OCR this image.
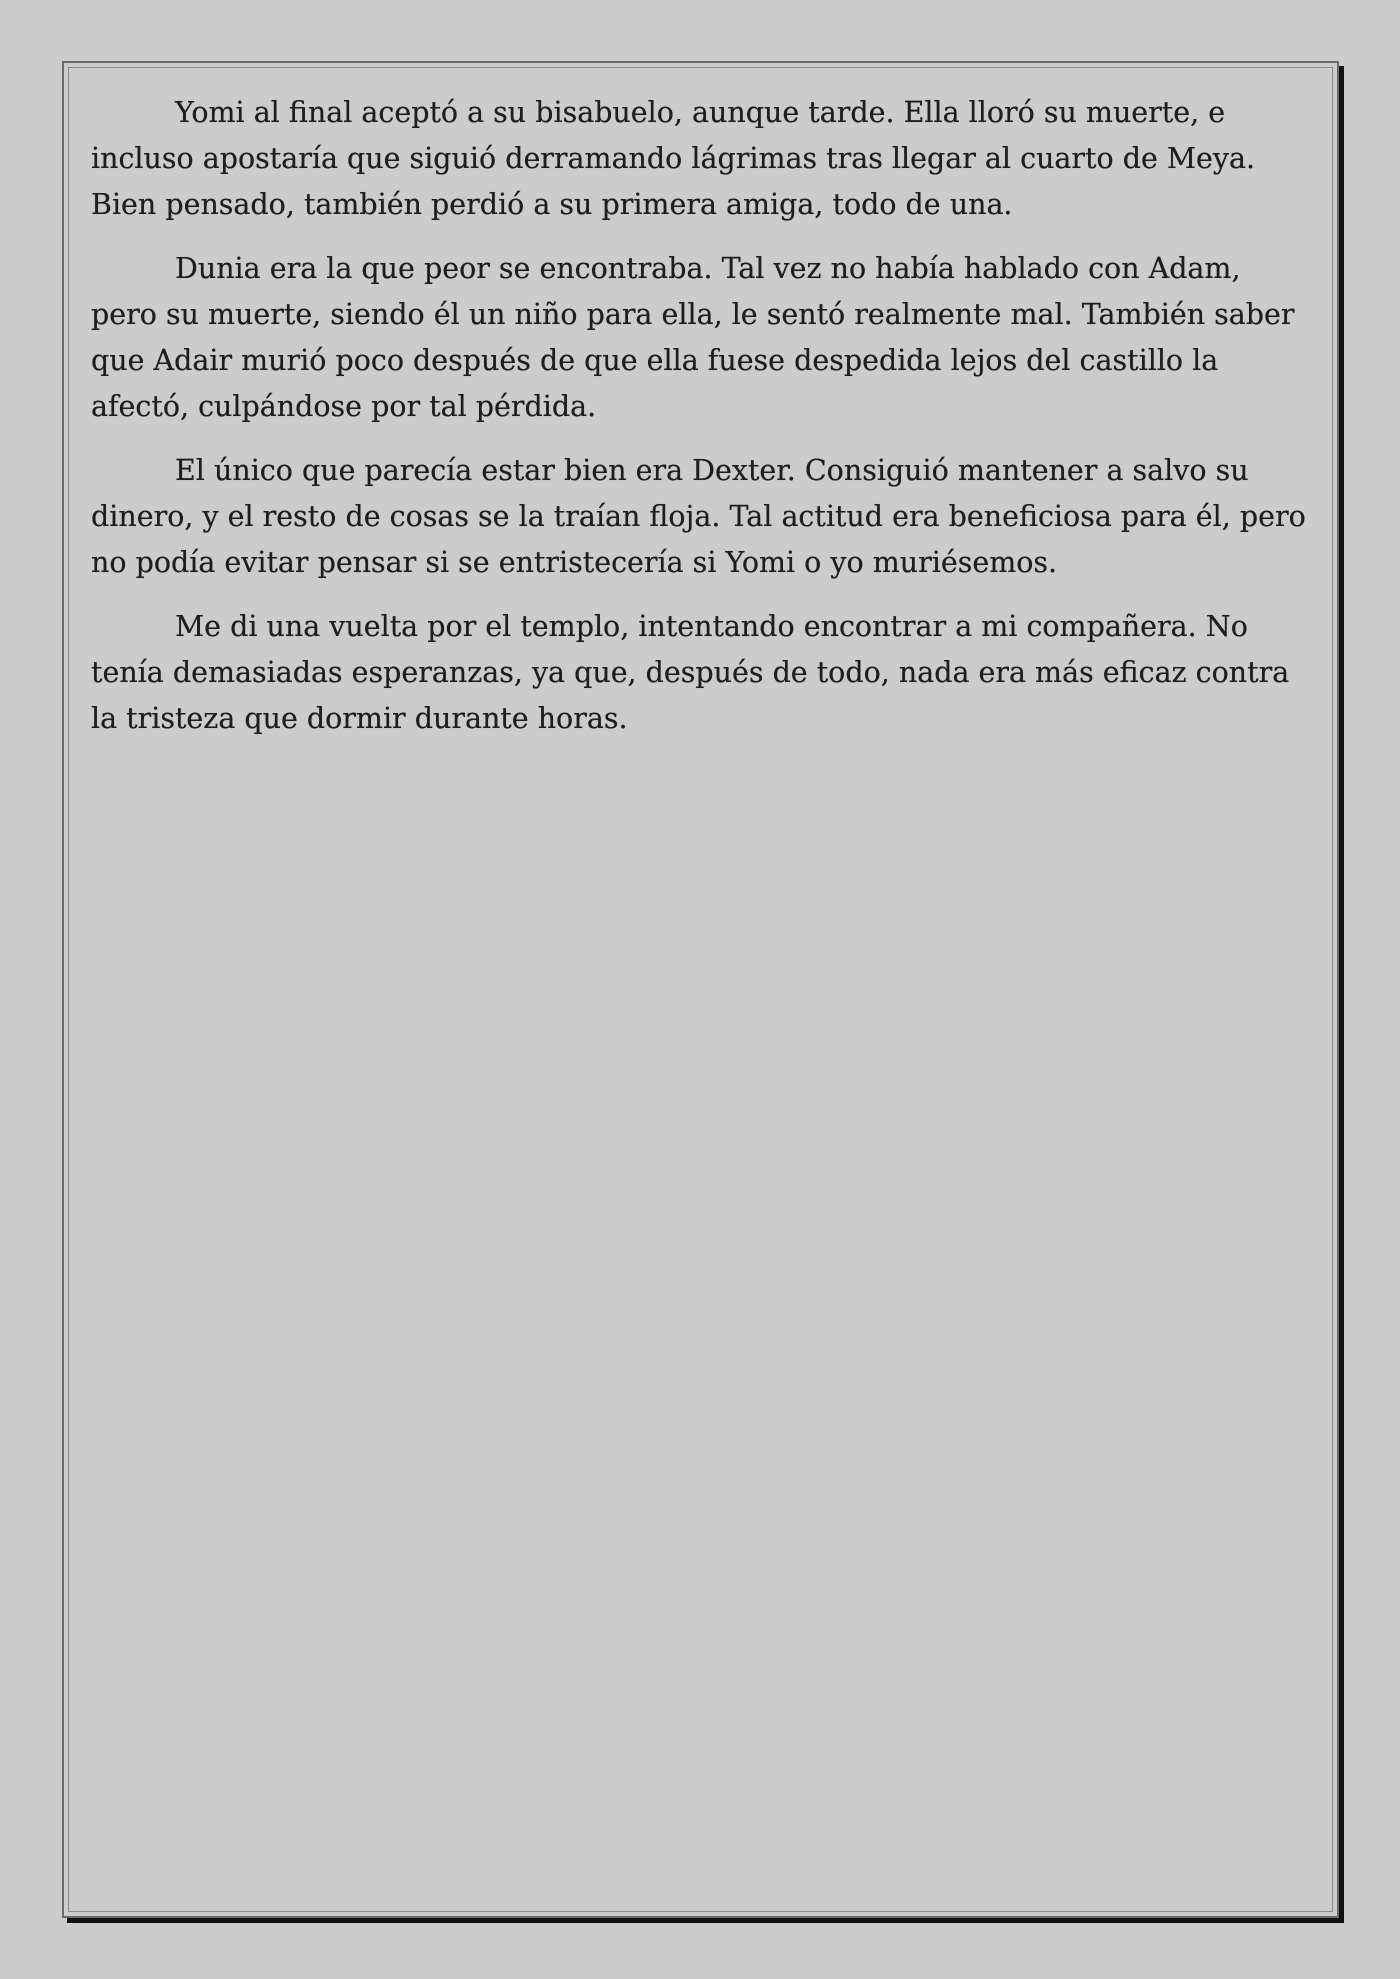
Yomi al final aceptó a su bisabuelo, aunque tarde. Ella lloró su muerte, e incluso apostaría que siguió derramando lágrimas tras llegar al cuarto de Meya. Bien pensado, también perdió a su primera amiga, todo de una.

Dunia era la que peor se encontraba. Tal vez no había hablado con Adam, pero su muerte, siendo él un niño para ella, le sentó realmente mal. También saber que Adair murió poco después de que ella fuese despedida lejos del castillo la afectó, culpándose por tal pérdida.

El único que parecía estar bien era Dexter. Consiguió mantener a salvo su dinero, y el resto de cosas se la traían floja. Tal actitud era beneficiosa para él, pero no podía evitar pensar si se entristecería si Yomi o yo muriésemos.

Me di una vuelta por el templo, intentando encontrar a mi compañera. No tenía demasiadas esperanzas, ya que, después de todo, nada era más eficaz contra la tristeza que dormir durante horas.
